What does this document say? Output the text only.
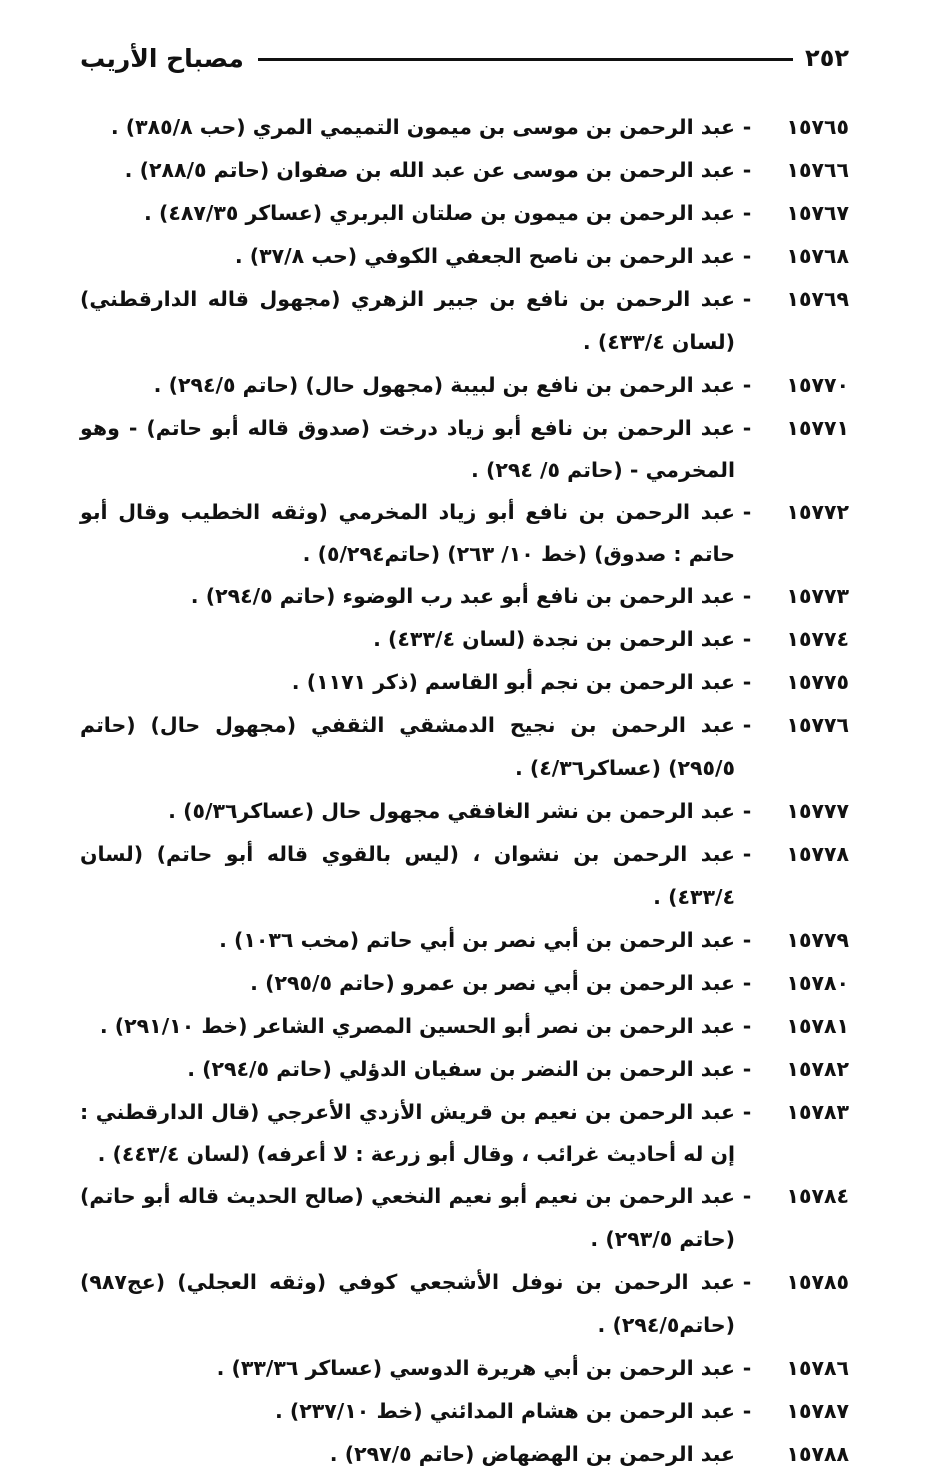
٢٥٢
مصباح الأريب
١٥٧٦٥
-
عبد الرحمن بن موسى بن ميمون التميمي المري (حب ٣٨٥/٨) .
١٥٧٦٦
-
عبد الرحمن بن موسى عن عبد الله بن صفوان (حاتم ٢٨٨/٥) .
١٥٧٦٧
-
عبد الرحمن بن ميمون بن صلتان البربري (عساكر ٤٨٧/٣٥) .
١٥٧٦٨
-
عبد الرحمن بن ناصح الجعفي الكوفي (حب ٣٧/٨) .
١٥٧٦٩
-
عبد الرحمن بن نافع بن جبير الزهري (مجهول قاله الدارقطني) (لسان ٤٣٣/٤) .
١٥٧٧٠
-
عبد الرحمن بن نافع بن لبيبة (مجهول حال) (حاتم ٢٩٤/٥) .
١٥٧٧١
-
عبد الرحمن بن نافع أبو زياد درخت (صدوق قاله أبو حاتم) - وهو المخرمي - (حاتم ٥/ ٢٩٤) .
١٥٧٧٢
-
عبد الرحمن بن نافع أبو زياد المخرمي (وثقه الخطيب وقال أبو حاتم : صدوق) (خط ١٠/ ٢٦٣) (حاتم٥/٢٩٤) .
١٥٧٧٣
-
عبد الرحمن بن نافع أبو عبد رب الوضوء (حاتم ٢٩٤/٥) .
١٥٧٧٤
-
عبد الرحمن بن نجدة (لسان ٤٣٣/٤) .
١٥٧٧٥
-
عبد الرحمن بن نجم أبو القاسم (ذكر ١١٧١) .
١٥٧٧٦
-
عبد الرحمن بن نجيح الدمشقي الثقفي (مجهول حال) (حاتم ٢٩٥/٥) (عساكر٤/٣٦) .
١٥٧٧٧
-
عبد الرحمن بن نشر الغافقي مجهول حال (عساكر٥/٣٦) .
١٥٧٧٨
-
عبد الرحمن بن نشوان ، (ليس بالقوي قاله أبو حاتم) (لسان ٤٣٣/٤) .
١٥٧٧٩
-
عبد الرحمن بن أبي نصر بن أبي حاتم (مخب ١٠٣٦) .
١٥٧٨٠
-
عبد الرحمن بن أبي نصر بن عمرو (حاتم ٢٩٥/٥) .
١٥٧٨١
-
عبد الرحمن بن نصر أبو الحسين المصري الشاعر (خط ٢٩١/١٠) .
١٥٧٨٢
-
عبد الرحمن بن النضر بن سفيان الدؤلي (حاتم ٢٩٤/٥) .
١٥٧٨٣
-
عبد الرحمن بن نعيم بن قريش الأزدي الأعرجي (قال الدارقطني : إن له أحاديث غرائب ، وقال أبو زرعة : لا أعرفه) (لسان ٤٤٣/٤) .
١٥٧٨٤
-
عبد الرحمن بن نعيم أبو نعيم النخعي (صالح الحديث قاله أبو حاتم) (حاتم ٢٩٣/٥) .
١٥٧٨٥
-
عبد الرحمن بن نوفل الأشجعي كوفي (وثقه العجلي) (عج٩٨٧) (حاتم٢٩٤/٥) .
١٥٧٨٦
-
عبد الرحمن بن أبي هريرة الدوسي (عساكر ٣٣/٣٦) .
١٥٧٨٧
-
عبد الرحمن بن هشام المدائني (خط ٢٣٧/١٠) .
١٥٧٨٨
عبد الرحمن بن الهضهاض (حاتم ٢٩٧/٥) .
